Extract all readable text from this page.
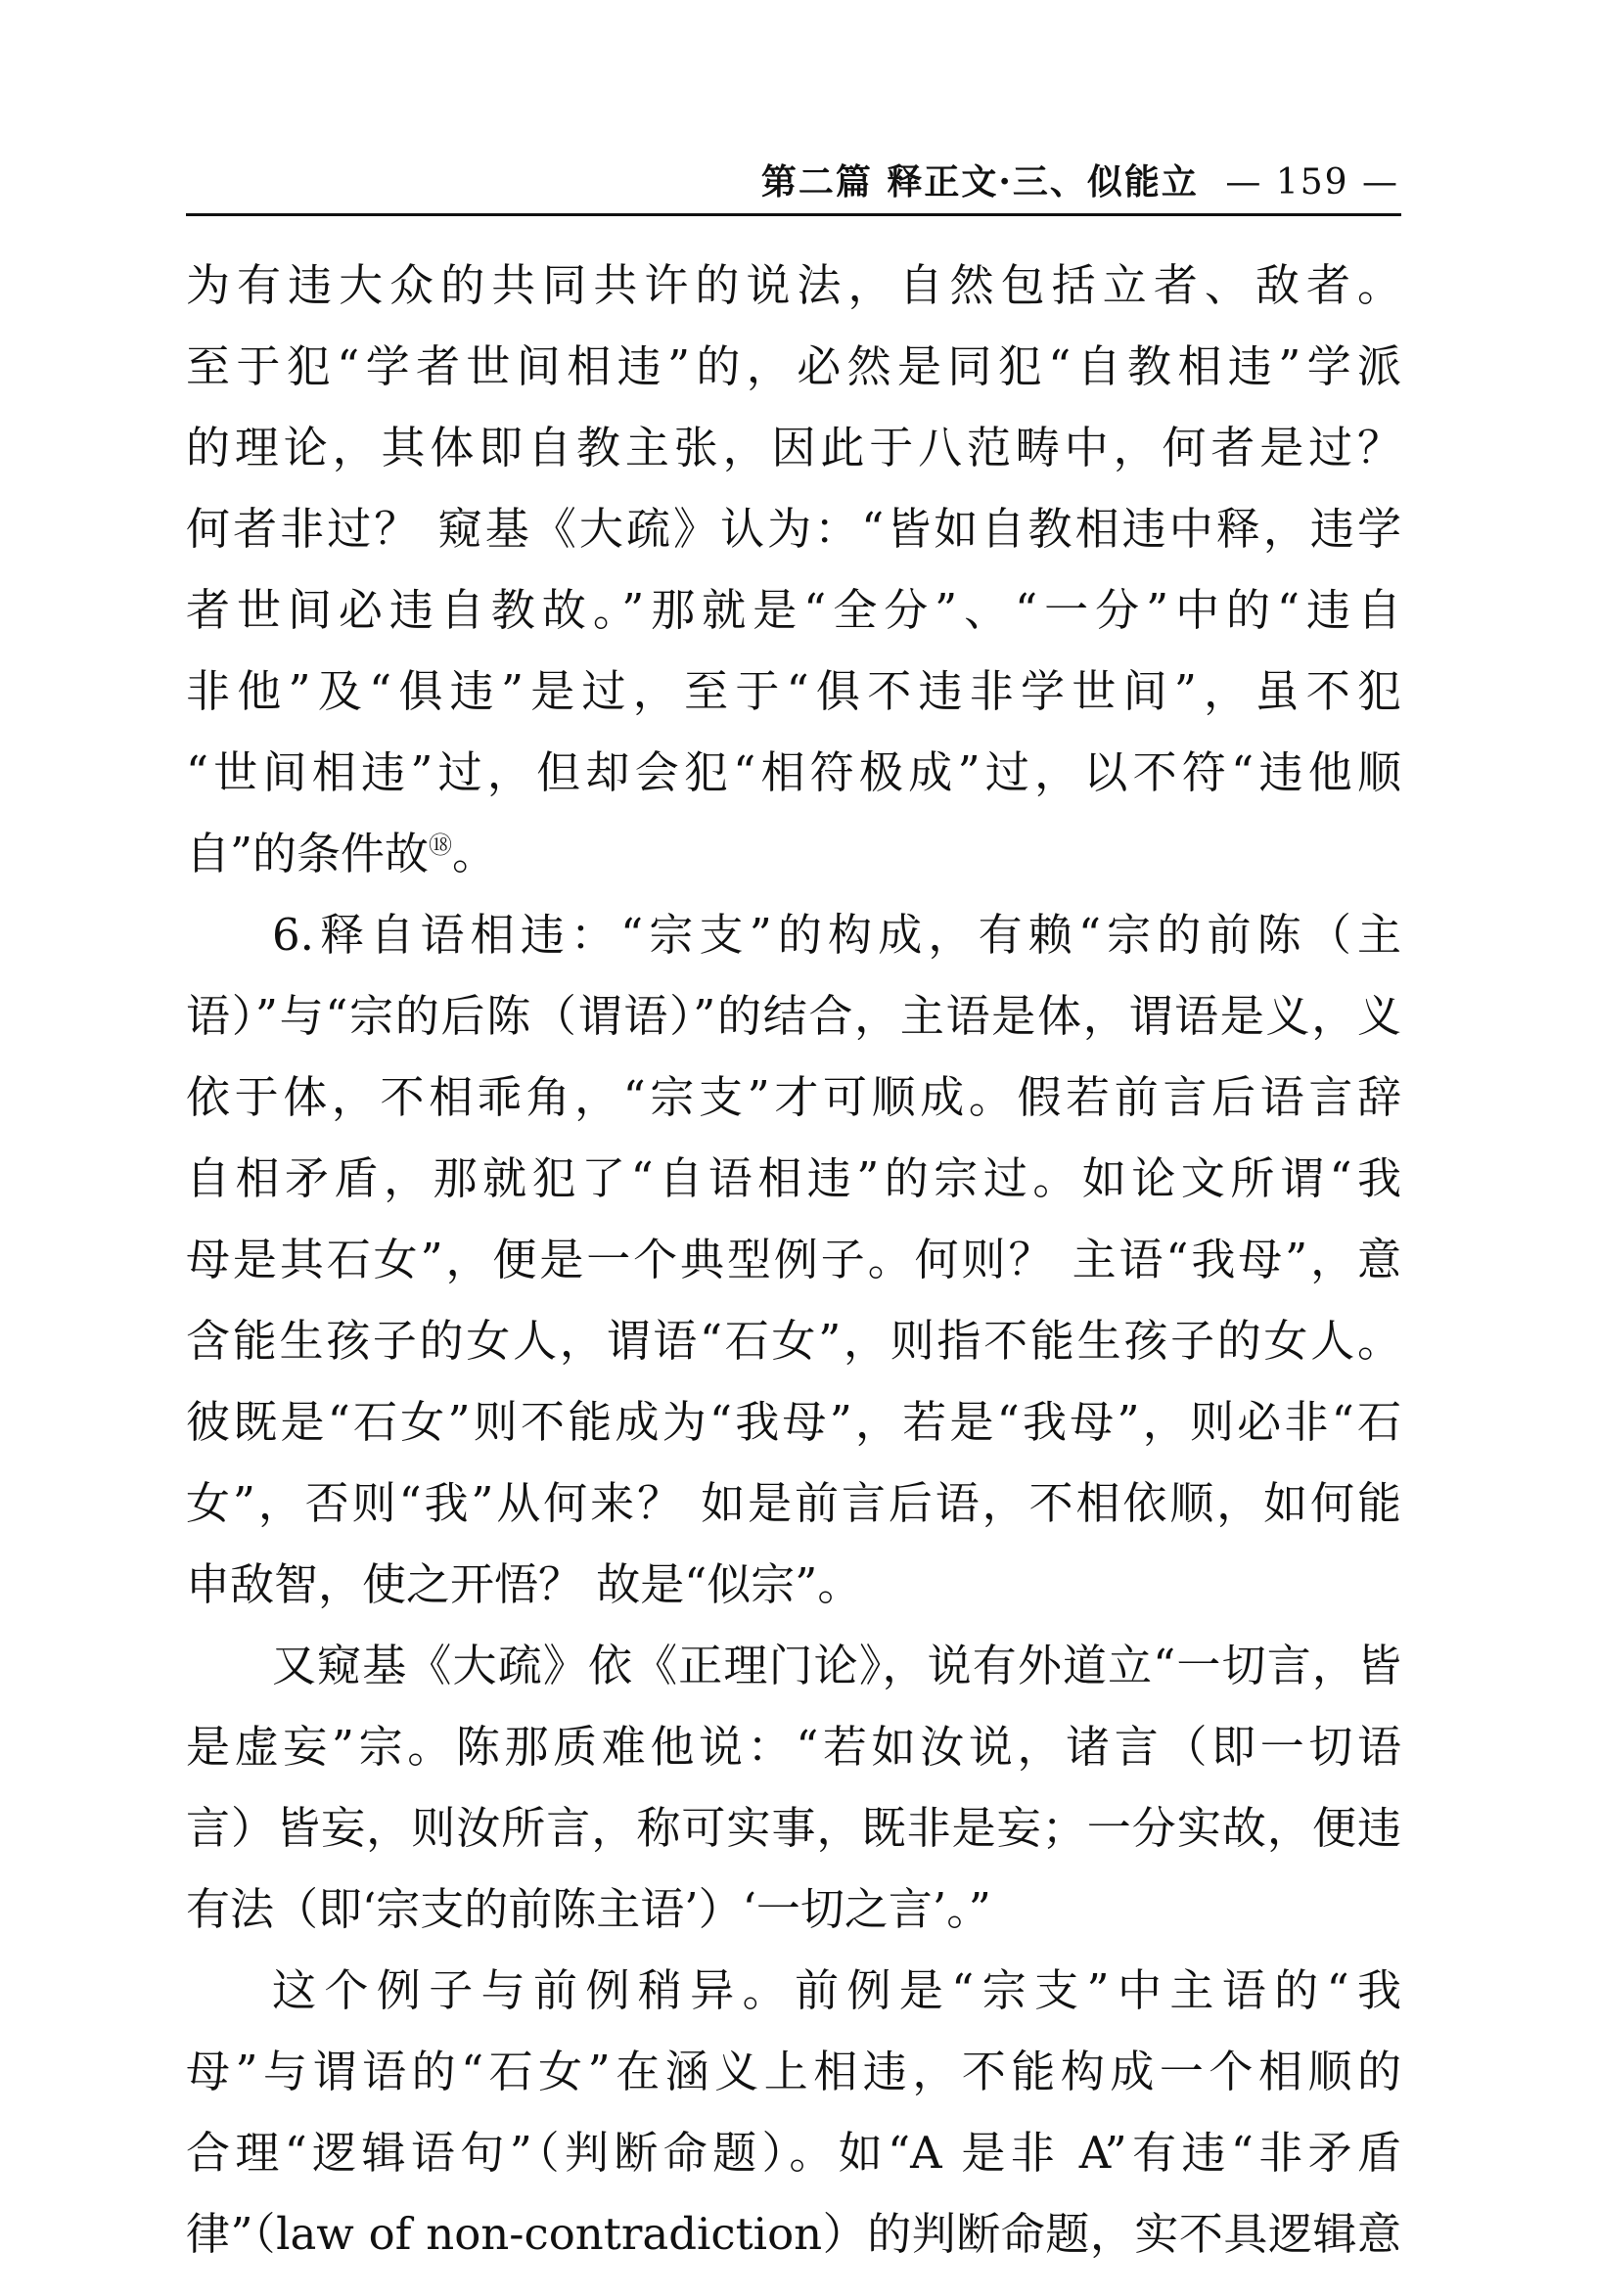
第二篇 释正文·三、似能立 — 159 —
为有违大众的共同共许的说法，自然包括立者、敌者。
至于犯“学者世间相违”的，必然是同犯“自教相违”学派
的理论，其体即自教主张，因此于八范畴中，何者是过？
何者非过？ 窥基《大疏》认为：“皆如自教相违中释，违学
者世间必违自教故。”那就是“全分”、“一分”中的“违自
非他”及“俱违”是过，至于“俱不违非学世间”，虽不犯
“世间相违”过，但却会犯“相符极成”过，以不符“违他顺
自”的条件故⑱。
6.释自语相违：“宗支”的构成，有赖“宗的前陈（主
语）”与“宗的后陈（谓语）”的结合，主语是体，谓语是义，义
依于体，不相乖角，“宗支”才可顺成。假若前言后语言辞
自相矛盾，那就犯了“自语相违”的宗过。如论文所谓“我
母是其石女”，便是一个典型例子。何则？ 主语“我母”，意
含能生孩子的女人，谓语“石女”，则指不能生孩子的女人。
彼既是“石女”则不能成为“我母”，若是“我母”，则必非“石
女”，否则“我”从何来？ 如是前言后语，不相依顺，如何能
申敌智，使之开悟？ 故是“似宗”。
又窥基《大疏》依《正理门论》，说有外道立“一切言，皆
是虚妄”宗。陈那质难他说：“若如汝说，诸言（即一切语
言）皆妄，则汝所言，称可实事，既非是妄；一分实故，便违
有法（即‘宗支的前陈主语’）‘一切之言’。”
这个例子与前例稍异。前例是“宗支”中主语的“我
母”与谓语的“石女”在涵义上相违，不能构成一个相顺的
合理“逻辑语句”（判断命题）。如“A 是非 A”有违“非矛盾
律”（law of non-contradiction）的判断命题，实不具逻辑意
